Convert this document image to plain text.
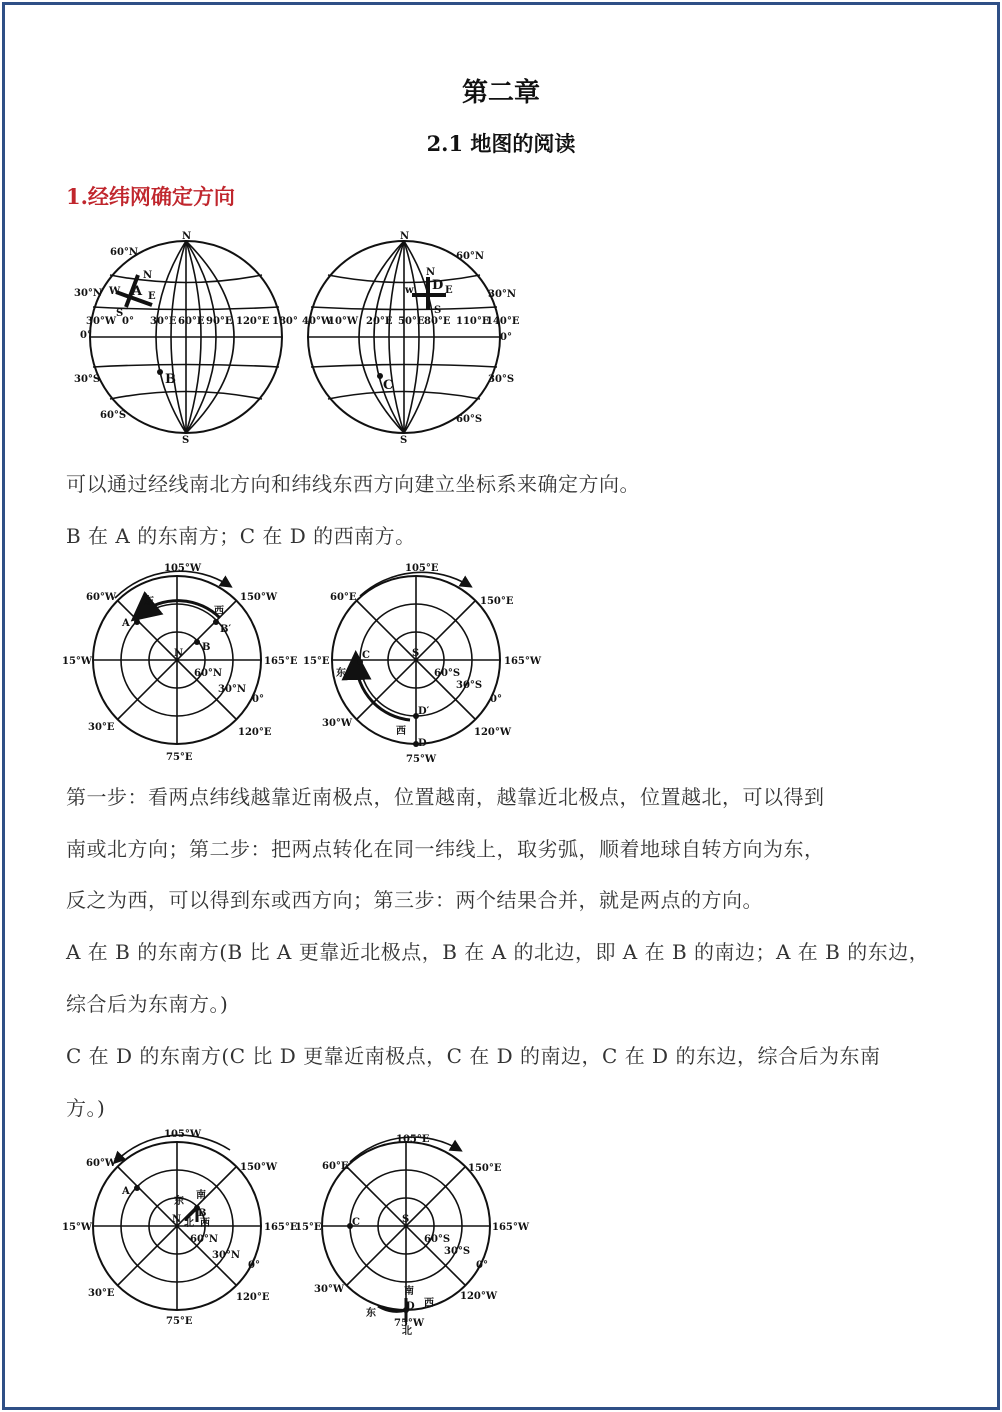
第二章
2.1 地图的阅读
1.经纬网确定方向
N
S
60°N
30°N
0°
30°S
60°S
30°W 0° 30°E 60°E 90°E 120°E 180°
N
S
W	E
A
B
N
S
60°N
30°N
0°
30°S
60°S
40°W
10°W 20°E 50°E 80°E 110°E
140°E
N
S
w	E
D
C
可以通过经线南北方向和纬线东西方向建立坐标系来确定方向。
B 在 A 的东南方；C 在 D 的西南方。
105°W
60°W	150°W
15°W	165°E
30°E	120°E
75°E
0°
60°N
30°N
N
A
B
B′
东
西
105°E
60°E	150°E
15°E	165°W
30°W
120°W
75°W
0°
60°S
30°S
S
C
D′
D
东
西
第一步：看两点纬线越靠近南极点，位置越南，越靠近北极点，位置越北，可以得到
南或北方向；第二步：把两点转化在同一纬线上，取劣弧，顺着地球自转方向为东，
反之为西，可以得到东或西方向；第三步：两个结果合并，就是两点的方向。
A 在 B 的东南方(B 比 A 更靠近北极点，B 在 A 的北边，即 A 在 B 的南边；A 在 B 的东边，
综合后为东南方。)
C 在 D 的东南方(C 比 D 更靠近南极点，C 在 D 的南边，C 在 D 的东边，综合后为东南
方。)
105°W
60°W	150°W
15°W	165°E
30°E	120°E
75°E
0°
60°N
30°N
N
A
B
东
南
北 西
105°E
60°E	150°E
15°E	165°W
30°W
120°W
75°W
0°
60°S
30°S
S
C
D
南
西
东
北
